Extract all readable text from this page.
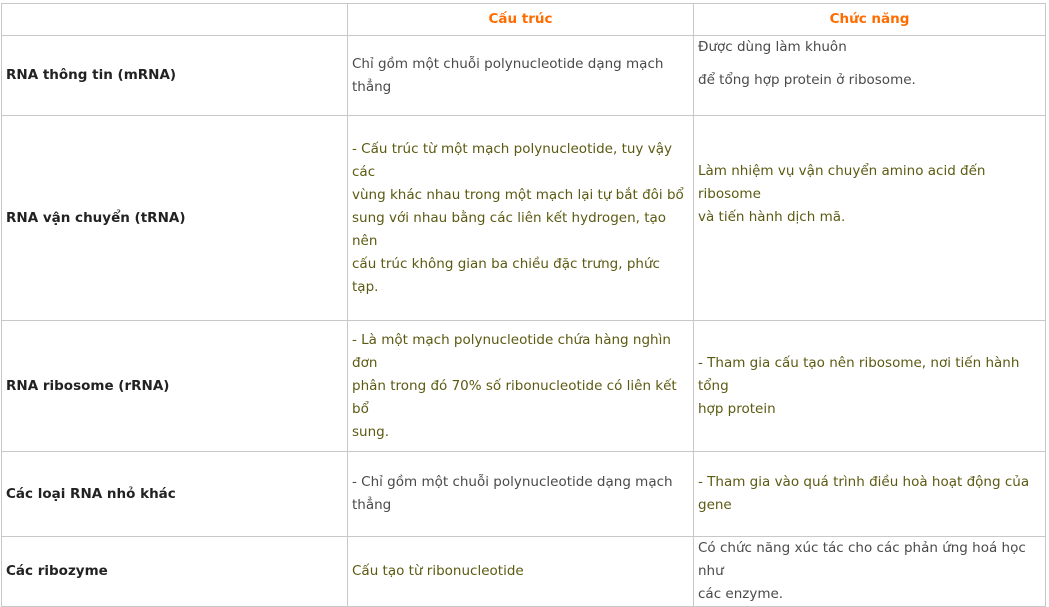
	Cấu trúc	Chức năng
RNA thông tin (mRNA)	Chỉ gồm một chuỗi polynucleotide dạng mạch thẳng	Được dùng làm khuôn
để tổng hợp protein ở ribosome.

RNA vận chuyển (tRNA)	- Cấu trúc từ một mạch polynucleotide, tuy vậy các
vùng khác nhau trong một mạch lại tự bắt đôi bổ
sung với nhau bằng các liên kết hydrogen, tạo nên
cấu trúc không gian ba chiều đặc trưng, phức tạp.	Làm nhiệm vụ vận chuyển amino acid đến ribosome
và tiến hành dịch mã.

RNA ribosome (rRNA)	- Là một mạch polynucleotide chứa hàng nghìn đơn
phân trong đó 70% số ribonucleotide có liên kết bổ
sung.	- Tham gia cấu tạo nên ribosome, nơi tiến hành tổng
hợp protein

Các loại RNA nhỏ khác	- Chỉ gồm một chuỗi polynucleotide dạng mạch thẳng	- Tham gia vào quá trình điều hoà hoạt động của
gene

Các ribozyme	Cấu tạo từ ribonucleotide	Có chức năng xúc tác cho các phản ứng hoá học như
các enzyme.
